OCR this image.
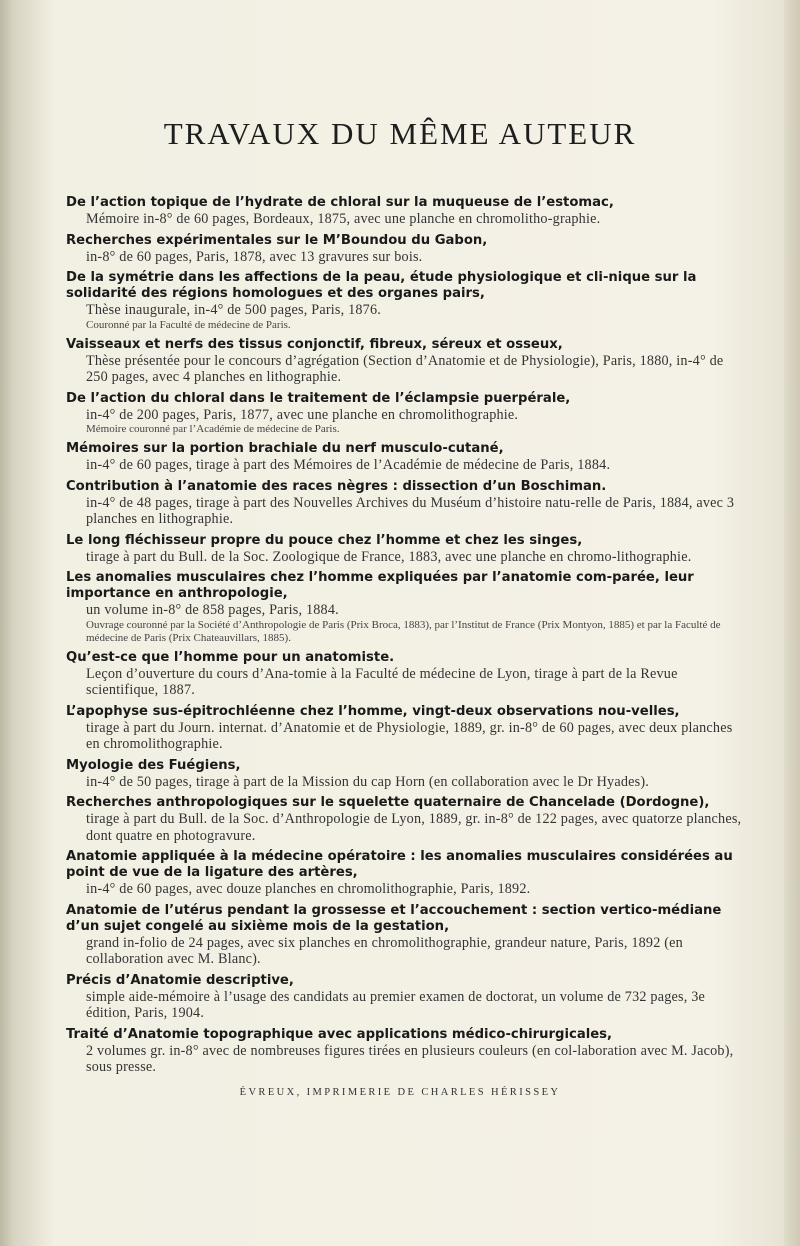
TRAVAUX DU MÊME AUTEUR
De l’action topique de l’hydrate de chloral sur la muqueuse de l’estomac,
Mémoire in-8° de 60 pages, Bordeaux, 1875, avec une planche en chromolitho-graphie.
Recherches expérimentales sur le M’Boundou du Gabon,
in-8° de 60 pages, Paris, 1878, avec 13 gravures sur bois.
De la symétrie dans les affections de la peau, étude physiologique et cli-nique sur la solidarité des régions homologues et des organes pairs,
Thèse inaugurale, in-4° de 500 pages, Paris, 1876.
Couronné par la Faculté de médecine de Paris.
Vaisseaux et nerfs des tissus conjonctif, fibreux, séreux et osseux,
Thèse présentée pour le concours d’agrégation (Section d’Anatomie et de Physiologie), Paris, 1880, in-4° de 250 pages, avec 4 planches en lithographie.
De l’action du chloral dans le traitement de l’éclampsie puerpérale,
in-4° de 200 pages, Paris, 1877, avec une planche en chromolithographie.
Mémoire couronné par l’Académie de médecine de Paris.
Mémoires sur la portion brachiale du nerf musculo-cutané,
in-4° de 60 pages, tirage à part des Mémoires de l’Académie de médecine de Paris, 1884.
Contribution à l’anatomie des races nègres : dissection d’un Boschiman.
in-4° de 48 pages, tirage à part des Nouvelles Archives du Muséum d’histoire natu-relle de Paris, 1884, avec 3 planches en lithographie.
Le long fléchisseur propre du pouce chez l’homme et chez les singes,
tirage à part du Bull. de la Soc. Zoologique de France, 1883, avec une planche en chromo-lithographie.
Les anomalies musculaires chez l’homme expliquées par l’anatomie com-parée, leur importance en anthropologie,
un volume in-8° de 858 pages, Paris, 1884.
Ouvrage couronné par la Société d’Anthropologie de Paris (Prix Broca, 1883), par l’Institut de France (Prix Montyon, 1885) et par la Faculté de médecine de Paris (Prix Chateauvillars, 1885).
Qu’est-ce que l’homme pour un anatomiste.
Leçon d’ouverture du cours d’Ana-tomie à la Faculté de médecine de Lyon, tirage à part de la Revue scientifique, 1887.
L’apophyse sus-épitrochléenne chez l’homme, vingt-deux observations nou-velles,
tirage à part du Journ. internat. d’Anatomie et de Physiologie, 1889, gr. in-8° de 60 pages, avec deux planches en chromolithographie.
Myologie des Fuégiens,
in-4° de 50 pages, tirage à part de la Mission du cap Horn (en collaboration avec le Dr Hyades).
Recherches anthropologiques sur le squelette quaternaire de Chancelade (Dordogne),
tirage à part du Bull. de la Soc. d’Anthropologie de Lyon, 1889, gr. in-8° de 122 pages, avec quatorze planches, dont quatre en photogravure.
Anatomie appliquée à la médecine opératoire : les anomalies musculaires considérées au point de vue de la ligature des artères,
in-4° de 60 pages, avec douze planches en chromolithographie, Paris, 1892.
Anatomie de l’utérus pendant la grossesse et l’accouchement : section vertico-médiane d’un sujet congelé au sixième mois de la gestation,
grand in-folio de 24 pages, avec six planches en chromolithographie, grandeur nature, Paris, 1892 (en collaboration avec M. Blanc).
Précis d’Anatomie descriptive,
simple aide-mémoire à l’usage des candidats au premier examen de doctorat, un volume de 732 pages, 3e édition, Paris, 1904.
Traité d’Anatomie topographique avec applications médico-chirurgicales,
2 volumes gr. in-8° avec de nombreuses figures tirées en plusieurs couleurs (en col-laboration avec M. Jacob), sous presse.
ÉVREUX, IMPRIMERIE DE CHARLES HÉRISSEY
